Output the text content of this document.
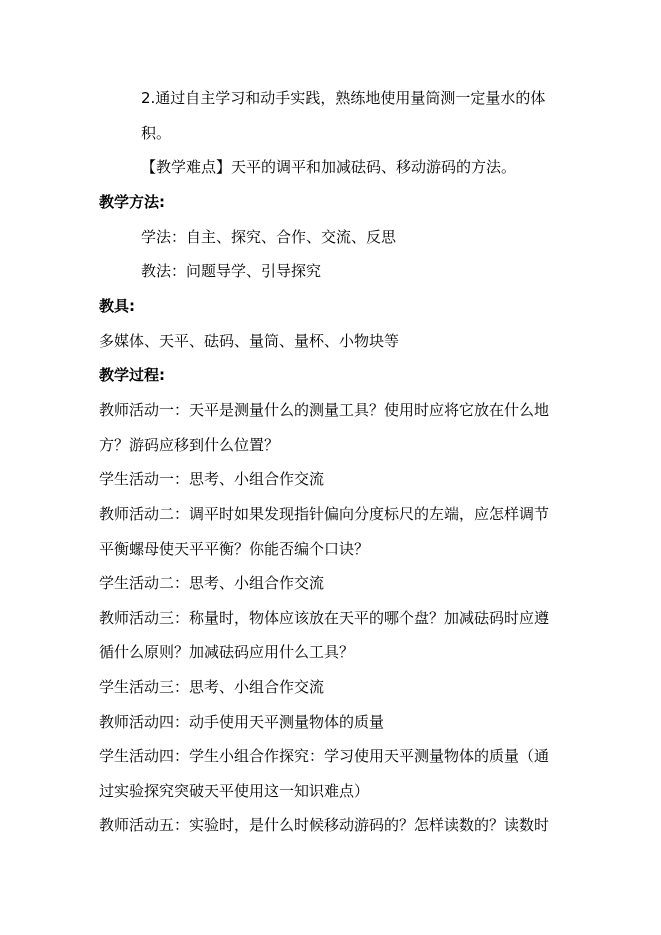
2.通过自主学习和动手实践，熟练地使用量筒测一定量水的体
积。
【教学难点】天平的调平和加减砝码、移动游码的方法。
教学方法:
学法：自主、探究、合作、交流、反思
教法：问题导学、引导探究
教具:
多媒体、天平、砝码、量筒、量杯、小物块等
教学过程:
教师活动一：天平是测量什么的测量工具？使用时应将它放在什么地
方？游码应移到什么位置？
学生活动一：思考、小组合作交流
教师活动二：调平时如果发现指针偏向分度标尺的左端，应怎样调节
平衡螺母使天平平衡？你能否编个口诀？
学生活动二：思考、小组合作交流
教师活动三：称量时，物体应该放在天平的哪个盘？加减砝码时应遵
循什么原则？加减砝码应用什么工具？
学生活动三：思考、小组合作交流
教师活动四：动手使用天平测量物体的质量
学生活动四：学生小组合作探究：学习使用天平测量物体的质量（通
过实验探究突破天平使用这一知识难点）
教师活动五：实验时，是什么时候移动游码的？怎样读数的？读数时
